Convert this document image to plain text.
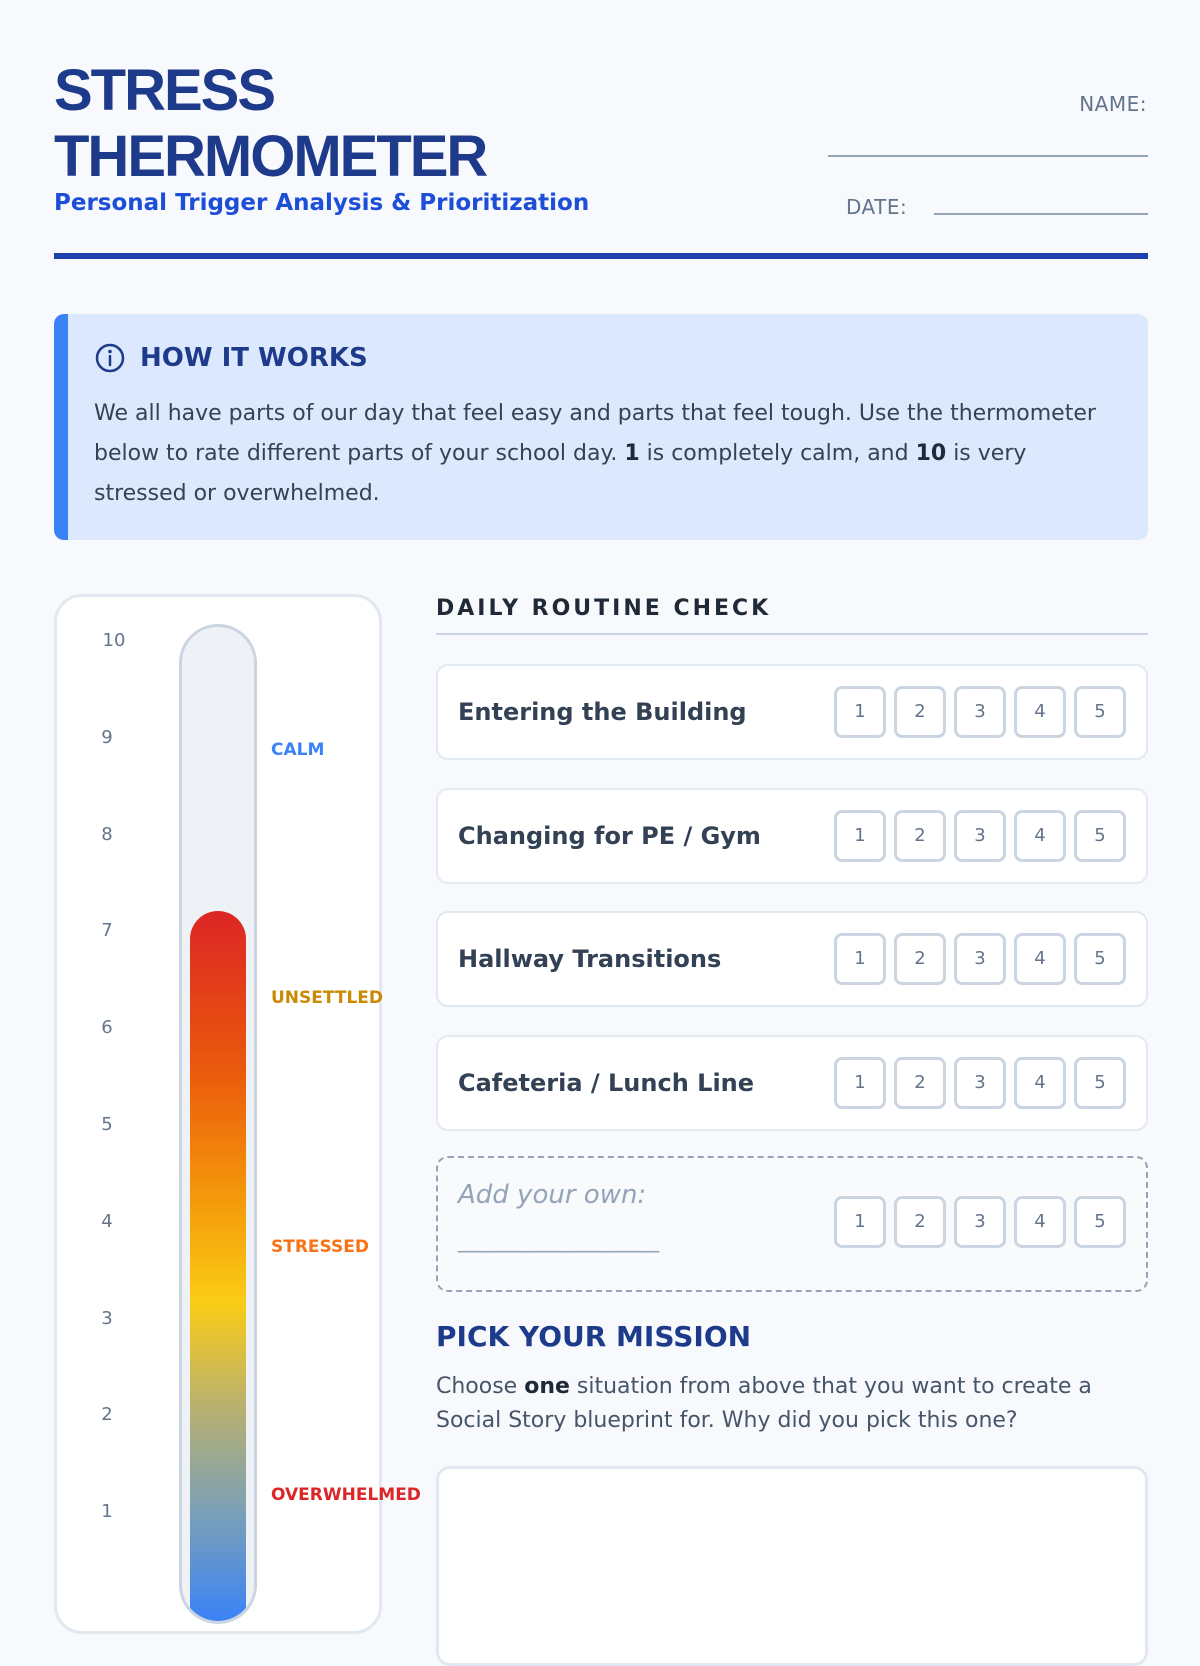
STRESS
THERMOMETER

Personal Trigger Analysis & Prioritization

NAME:
DATE:
HOW IT WORKS
We all have parts of our day that feel easy and parts that feel tough. Use the thermometer below to rate different parts of your school day. 1 is completely calm, and 10 is very stressed or overwhelmed.
10
9
8
7
6
5
4
3
2
1
CALM
UNSETTLED
STRESSED
OVERWHELMED
DAILY ROUTINE CHECK
Entering the Building	1	2	3	4	5
Changing for PE / Gym	1	2	3	4	5
Hallway Transitions	1	2	3	4	5
Cafeteria / Lunch Line	1	2	3	4	5
Add your own:
____________________
1	2	3	4	5
PICK YOUR MISSION

Choose one situation from above that you want to create a Social Story blueprint for. Why did you pick this one?
